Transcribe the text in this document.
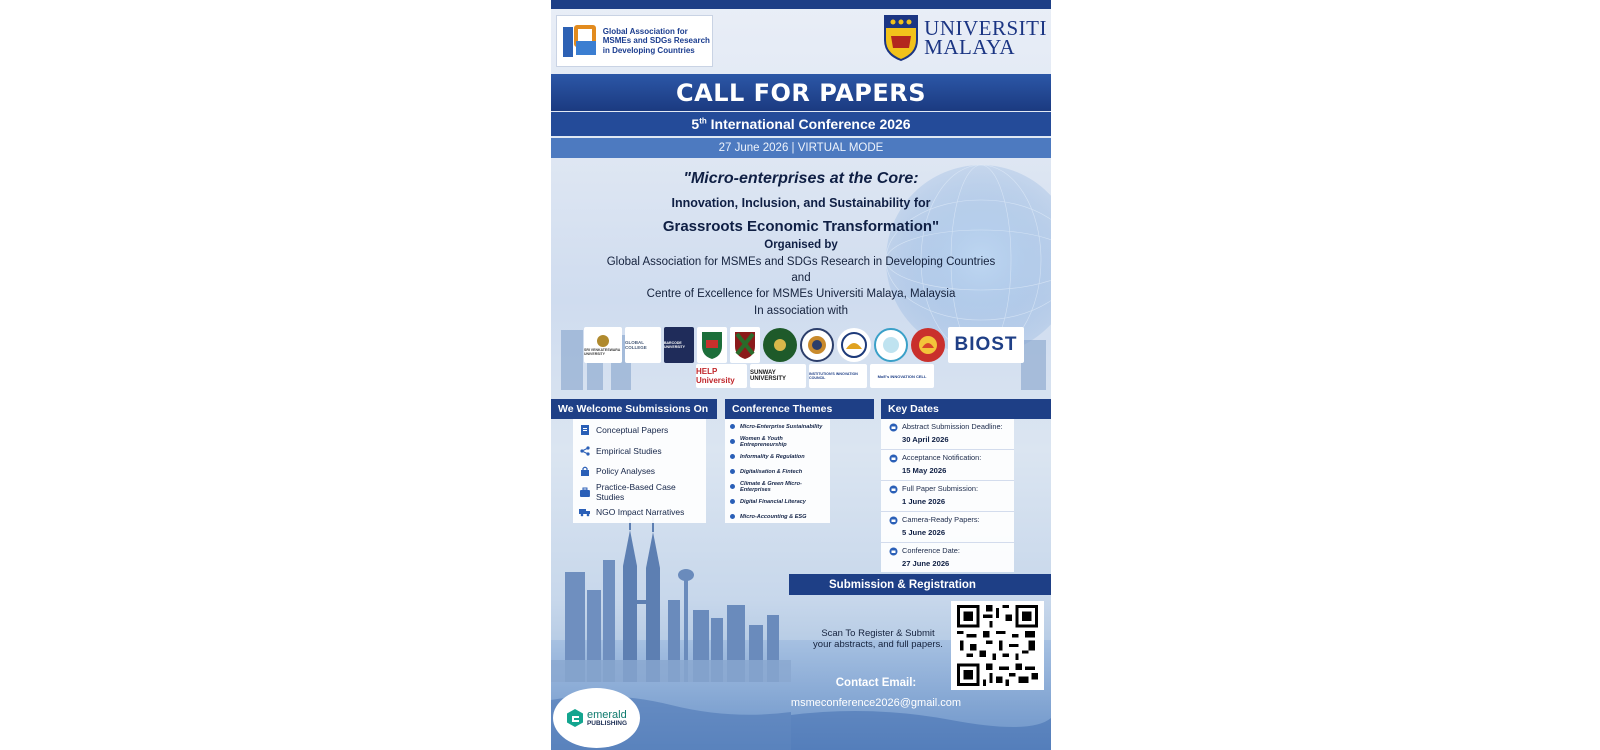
Global Association for MSMEs and SDGs Research in Developing Countries
UNIVERSITI
MALAYA
CALL FOR PAPERS
5th International Conference 2026
27 June 2026 | VIRTUAL MODE
"Micro-enterprises at the Core:
Innovation, Inclusion, and Sustainability for
Grassroots Economic Transformation"
Organised by
Global Association for MSMEs and SDGs Research in Developing Countries
and
Centre of Excellence for MSMEs Universiti Malaya, Malaysia
In association with
SRI VENKATESWARA UNIVERSITY
GLOBAL COLLEGE
BARCODE UNIVERSITY	BIOST
HELP University
SUNWAY UNIVERSITY
INSTITUTION'S INNOVATION COUNCIL	MoE's INNOVATION CELL
We Welcome Submissions On
Conceptual Papers
Empirical Studies
Policy Analyses
Practice-Based Case Studies
NGO Impact Narratives
Conference Themes
Micro-Enterprise Sustainability
Women & Youth Entrepreneurship
Informality & Regulation
Digitalisation & Fintech
Climate & Green Micro-Enterprises
Digital Financial Literacy
Micro-Accounting & ESG
Key Dates
Abstract Submission Deadline:
30 April 2026
Acceptance Notification:
15 May 2026
Full Paper Submission:
1 June 2026
Camera-Ready Papers:
5 June 2026
Conference Date:
27 June 2026
Submission & Registration
Scan To Register & Submit
your abstracts, and full papers.
Contact Email:
msmeconference2026@gmail.com
emerald
PUBLISHING
